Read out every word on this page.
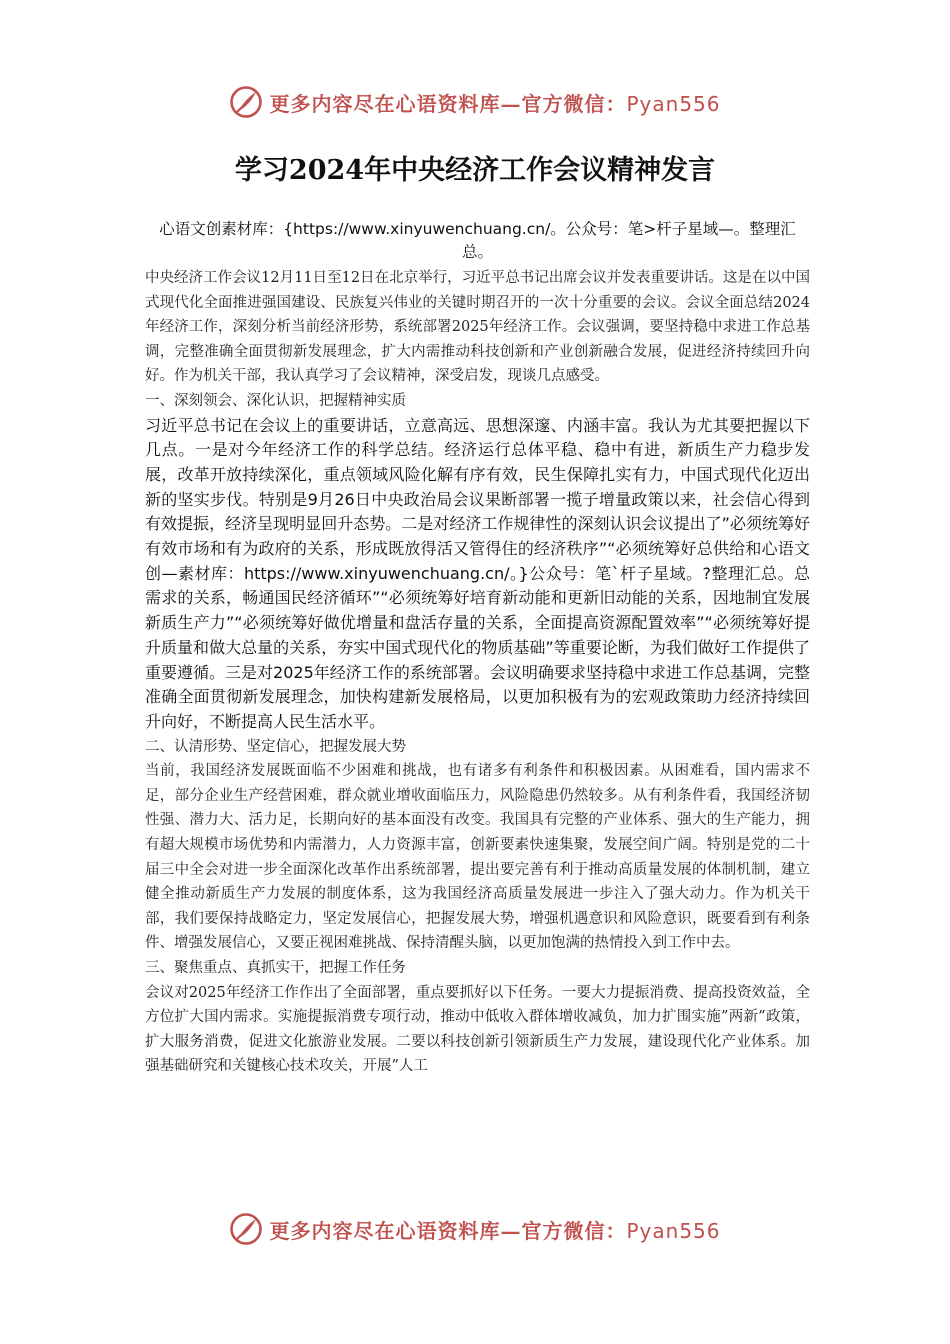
更多内容尽在心语资料库—官方微信：Pyan556
学习2024年中央经济工作会议精神发言

心语文创素材库：{https://www.xinyuwenchuang.cn/。公众号：笔>杆子星域—。整理汇总。

中央经济工作会议12月11日至12日在北京举行，习近平总书记出席会议并发表重要讲话。这是在以中国式现代化全面推进强国建设、民族复兴伟业的关键时期召开的一次十分重要的会议。会议全面总结2024年经济工作，深刻分析当前经济形势，系统部署2025年经济工作。会议强调，要坚持稳中求进工作总基调，完整准确全面贯彻新发展理念，扩大内需推动科技创新和产业创新融合发展，促进经济持续回升向好。作为机关干部，我认真学习了会议精神，深受启发，现谈几点感受。

一、深刻领会、深化认识，把握精神实质

习近平总书记在会议上的重要讲话，立意高远、思想深邃、内涵丰富。我认为尤其要把握以下几点。一是对今年经济工作的科学总结。经济运行总体平稳、稳中有进，新质生产力稳步发展，改革开放持续深化，重点领域风险化解有序有效，民生保障扎实有力，中国式现代化迈出新的坚实步伐。特别是9月26日中央政治局会议果断部署一揽子增量政策以来，社会信心得到有效提振，经济呈现明显回升态势。二是对经济工作规律性的深刻认识会议提出了”必须统筹好有效市场和有为政府的关系，形成既放得活又管得住的经济秩序”“必须统筹好总供给和心语文创—素材库：https://www.xinyuwenchuang.cn/。}公众号：笔`杆子星域。?整理汇总。总需求的关系，畅通国民经济循环”“必须统筹好培育新动能和更新旧动能的关系，因地制宜发展新质生产力”“必须统筹好做优增量和盘活存量的关系，全面提高资源配置效率”“必须统筹好提升质量和做大总量的关系，夯实中国式现代化的物质基础”等重要论断，为我们做好工作提供了重要遵循。三是对2025年经济工作的系统部署。会议明确要求坚持稳中求进工作总基调，完整准确全面贯彻新发展理念，加快构建新发展格局，以更加积极有为的宏观政策助力经济持续回升向好，不断提高人民生活水平。

二、认清形势、坚定信心，把握发展大势

当前，我国经济发展既面临不少困难和挑战，也有诸多有利条件和积极因素。从困难看，国内需求不足，部分企业生产经营困难，群众就业增收面临压力，风险隐患仍然较多。从有利条件看，我国经济韧性强、潜力大、活力足，长期向好的基本面没有改变。我国具有完整的产业体系、强大的生产能力，拥有超大规模市场优势和内需潜力，人力资源丰富，创新要素快速集聚，发展空间广阔。特别是党的二十届三中全会对进一步全面深化改革作出系统部署，提出要完善有利于推动高质量发展的体制机制，建立健全推动新质生产力发展的制度体系，这为我国经济高质量发展进一步注入了强大动力。作为机关干部，我们要保持战略定力，坚定发展信心，把握发展大势，增强机遇意识和风险意识，既要看到有利条件、增强发展信心，又要正视困难挑战、保持清醒头脑，以更加饱满的热情投入到工作中去。

三、聚焦重点、真抓实干，把握工作任务

会议对2025年经济工作作出了全面部署，重点要抓好以下任务。一要大力提振消费、提高投资效益，全方位扩大国内需求。实施提振消费专项行动，推动中低收入群体增收减负，加力扩围实施”两新”政策，扩大服务消费，促进文化旅游业发展。二要以科技创新引领新质生产力发展，建设现代化产业体系。加强基础研究和关键核心技术攻关，开展”人工

更多内容尽在心语资料库—官方微信：Pyan556
